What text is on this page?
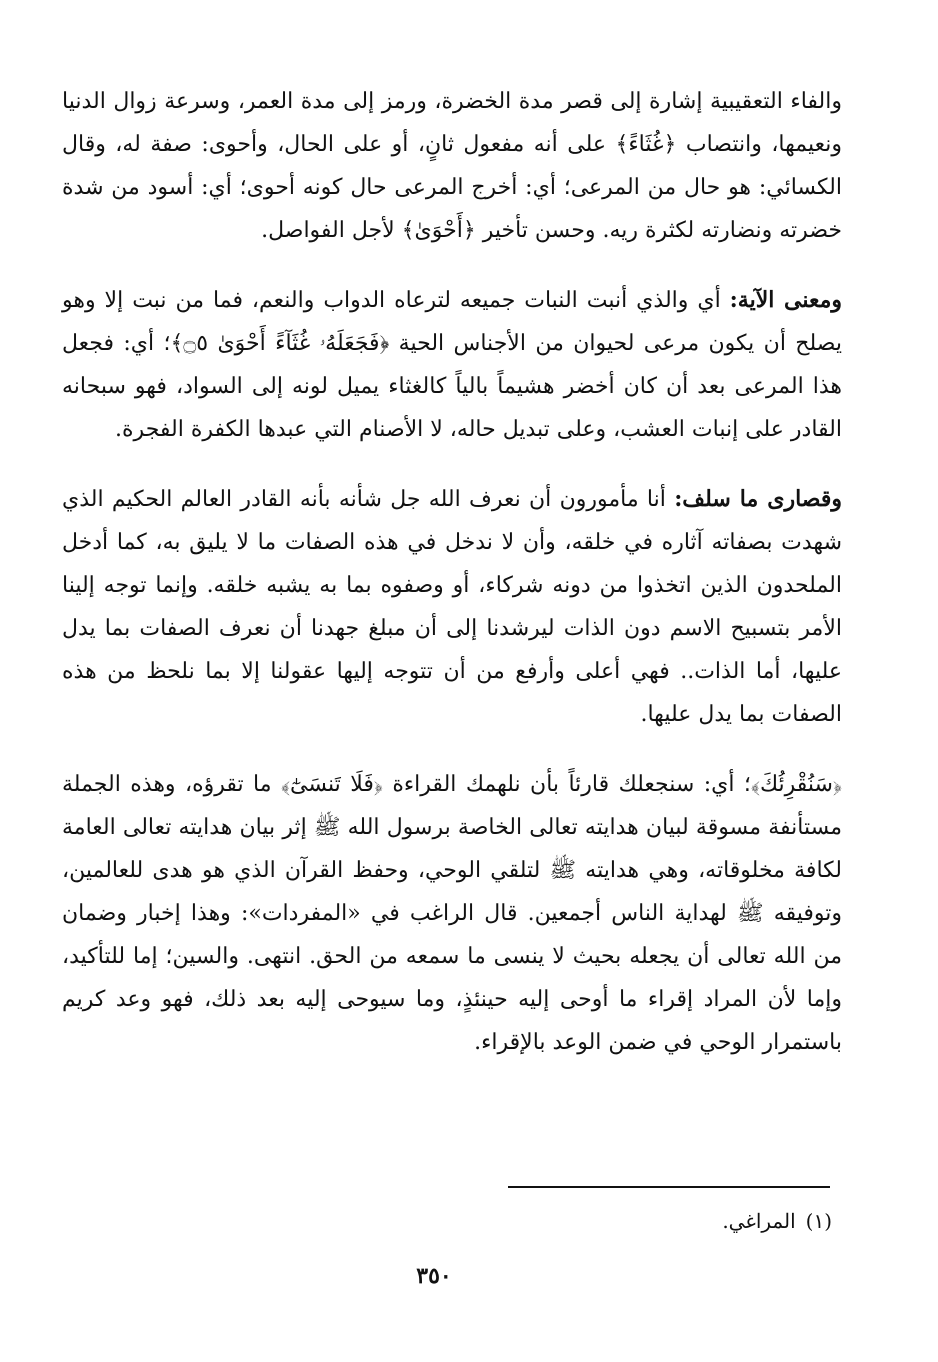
والفاء التعقيبية إشارة إلى قصر مدة الخضرة، ورمز إلى مدة العمر، وسرعة زوال الدنيا ونعيمها، وانتصاب ﴿غُثَاءً﴾ على أنه مفعول ثانٍ، أو على الحال، وأحوى: صفة له، وقال الكسائي: هو حال من المرعى؛ أي: أخرج المرعى حال كونه أحوى؛ أي: أسود من شدة خضرته ونضارته لكثرة ريه. وحسن تأخير ﴿أَحْوَىٰ﴾ لأجل الفواصل.

ومعنى الآية: أي والذي أنبت النبات جميعه لترعاه الدواب والنعم، فما من نبت إلا وهو يصلح أن يكون مرعى لحيوان من الأجناس الحية ﴿فَجَعَلَهُۥ غُثَآءً أَحْوَىٰ ۝٥﴾؛ أي: فجعل هذا المرعى بعد أن كان أخضر هشيماً بالياً كالغثاء يميل لونه إلى السواد، فهو سبحانه القادر على إنبات العشب، وعلى تبديل حاله، لا الأصنام التي عبدها الكفرة الفجرة.

وقصارى ما سلف: أنا مأمورون أن نعرف الله جل شأنه بأنه القادر العالم الحكيم الذي شهدت بصفاته آثاره في خلقه، وأن لا ندخل في هذه الصفات ما لا يليق به، كما أدخل الملحدون الذين اتخذوا من دونه شركاء، أو وصفوه بما به يشبه خلقه. وإنما توجه إلينا الأمر بتسبيح الاسم دون الذات ليرشدنا إلى أن مبلغ جهدنا أن نعرف الصفات بما يدل عليها، أما الذات.. فهي أعلى وأرفع من أن تتوجه إليها عقولنا إلا بما نلحظ من هذه الصفات بما يدل عليها.

﴿سَنُقْرِئُكَ﴾؛ أي: سنجعلك قارئاً بأن نلهمك القراءة ﴿فَلَا تَنسَىٰٓ﴾ ما تقرؤه، وهذه الجملة مستأنفة مسوقة لبيان هدايته تعالى الخاصة برسول الله ﷺ إثر بيان هدايته تعالى العامة لكافة مخلوقاته، وهي هدايته ﷺ لتلقي الوحي، وحفظ القرآن الذي هو هدى للعالمين، وتوفيقه ﷺ لهداية الناس أجمعين. قال الراغب في «المفردات»: وهذا إخبار وضمان من الله تعالى أن يجعله بحيث لا ينسى ما سمعه من الحق. انتهى. والسين؛ إما للتأكيد، وإما لأن المراد إقراء ما أوحى إليه حينئذٍ، وما سيوحى إليه بعد ذلك، فهو وعد كريم باستمرار الوحي في ضمن الوعد بالإقراء.

(١)المراغي.
٣٥٠
